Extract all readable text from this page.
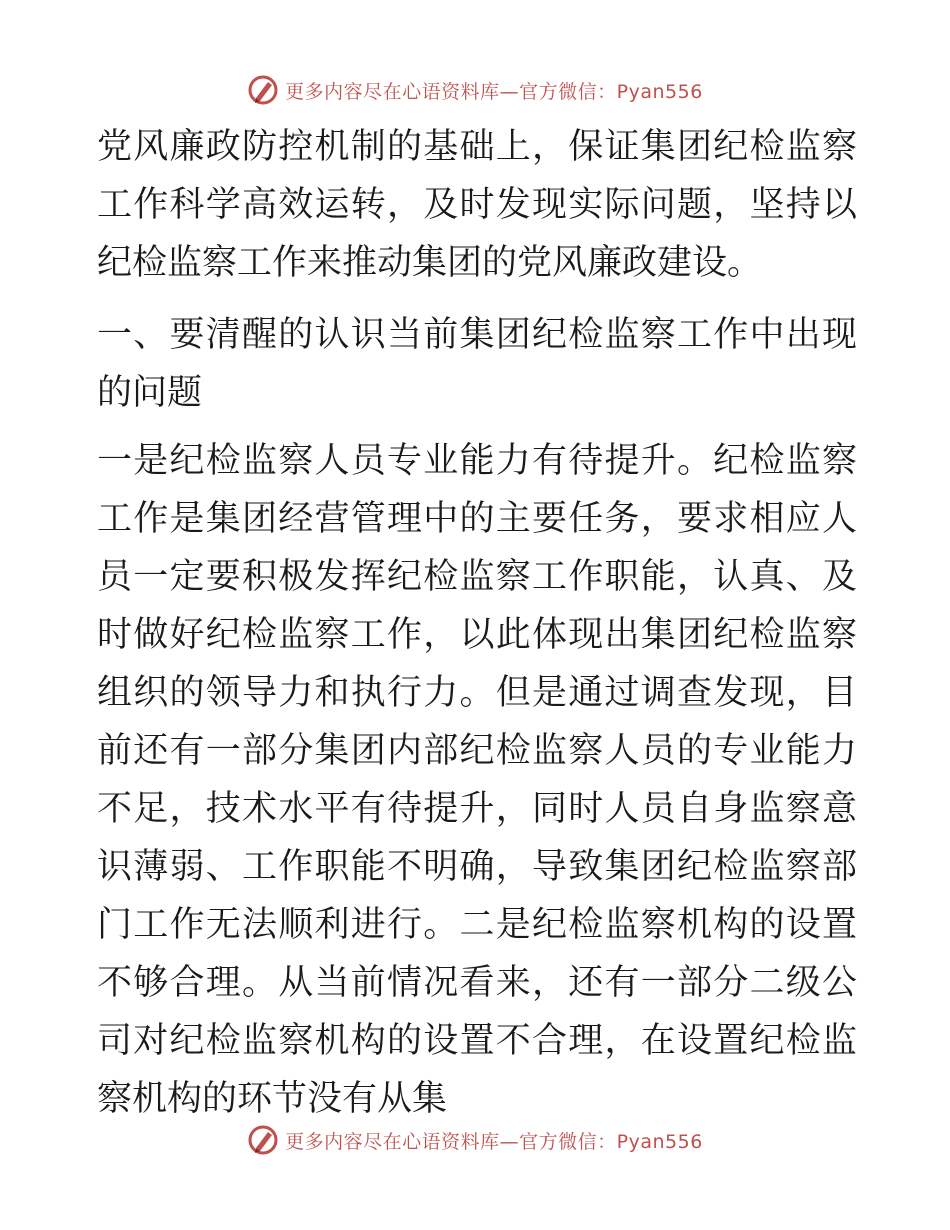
更多内容尽在心语资料库—官方微信：Pyan556

党风廉政防控机制的基础上，保证集团纪检监察工作科学高效运转，及时发现实际问题，坚持以纪检监察工作来推动集团的党风廉政建设。

一、要清醒的认识当前集团纪检监察工作中出现的问题

一是纪检监察人员专业能力有待提升。纪检监察工作是集团经营管理中的主要任务，要求相应人员一定要积极发挥纪检监察工作职能，认真、及时做好纪检监察工作，以此体现出集团纪检监察组织的领导力和执行力。但是通过调查发现，目前还有一部分集团内部纪检监察人员的专业能力不足，技术水平有待提升，同时人员自身监察意识薄弱、工作职能不明确，导致集团纪检监察部门工作无法顺利进行。二是纪检监察机构的设置不够合理。从当前情况看来，还有一部分二级公司对纪检监察机构的设置不合理，在设置纪检监察机构的环节没有从集

更多内容尽在心语资料库—官方微信：Pyan556
